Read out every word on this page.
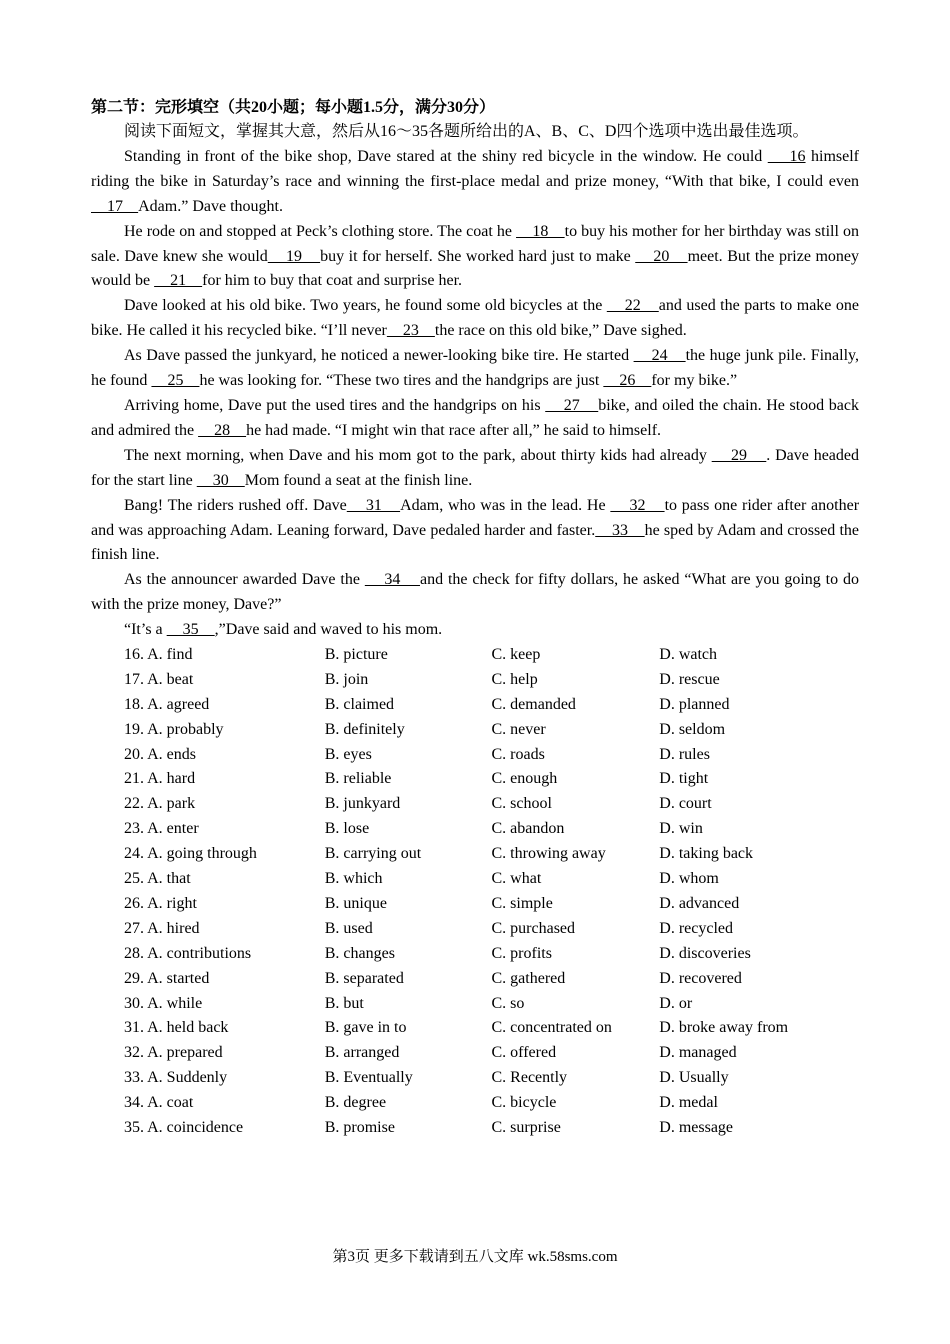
第二节：完形填空（共20小题；每小题1.5分，满分30分）

阅读下面短文，掌握其大意，然后从16～35各题所给出的A、B、C、D四个选项中选出最佳选项。

Standing in front of the bike shop, Dave stared at the shiny red bicycle in the window. He could     16 himself riding the bike in Saturday’s race and winning the first-place medal and prize money, “With that bike, I could even    17    Adam.” Dave thought.

He rode on and stopped at Peck’s clothing store. The coat he     18    to buy his mother for her birthday was still on sale. Dave knew she would    19    buy it for herself. She worked hard just to make     20    meet. But the prize money would be     21    for him to buy that coat and surprise her.

Dave looked at his old bike. Two years, he found some old bicycles at the     22    and used the parts to make one bike. He called it his recycled bike. “I’ll never    23    the race on this old bike,” Dave sighed.

As Dave passed the junkyard, he noticed a newer-looking bike tire. He started     24    the huge junk pile. Finally, he found     25    he was looking for. “These two tires and the handgrips are just     26    for my bike.”

Arriving home, Dave put the used tires and the handgrips on his     27    bike, and oiled the chain. He stood back and admired the     28    he had made. “I might win that race after all,” he said to himself.

The next morning, when Dave and his mom got to the park, about thirty kids had already     29    . Dave headed for the start line     30    Mom found a seat at the finish line.

Bang! The riders rushed off. Dave    31    Adam, who was in the lead. He     32    to pass one rider after another and was approaching Adam. Leaning forward, Dave pedaled harder and faster.    33    he sped by Adam and crossed the finish line.

As the announcer awarded Dave the     34    and the check for fifty dollars, he asked “What are you going to do with the prize money, Dave?”

“It’s a     35    ,”Dave said and waved to his mom.

16. A. find	B. picture	C. keep	D. watch
17. A. beat	B. join	C. help	D. rescue
18. A. agreed	B. claimed	C. demanded	D. planned
19. A. probably	B. definitely	C. never	D. seldom
20. A. ends	B. eyes	C. roads	D. rules
21. A. hard	B. reliable	C. enough	D. tight
22. A. park	B. junkyard	C. school	D. court
23. A. enter	B. lose	C. abandon	D. win
24. A. going through	B. carrying out	C. throwing away	D. taking back
25. A. that	B. which	C. what	D. whom
26. A. right	B. unique	C. simple	D. advanced
27. A. hired	B. used	C. purchased	D. recycled
28. A. contributions	B. changes	C. profits	D. discoveries
29. A. started	B. separated	C. gathered	D. recovered
30. A. while	B. but	C. so	D. or
31. A. held back	B. gave in to	C. concentrated on	D. broke away from
32. A. prepared	B. arranged	C. offered	D. managed
33. A. Suddenly	B. Eventually	C. Recently	D. Usually
34. A. coat	B. degree	C. bicycle	D. medal
35. A. coincidence	B. promise	C. surprise	D. message
第3页 更多下载请到五八文库 wk.58sms.com
